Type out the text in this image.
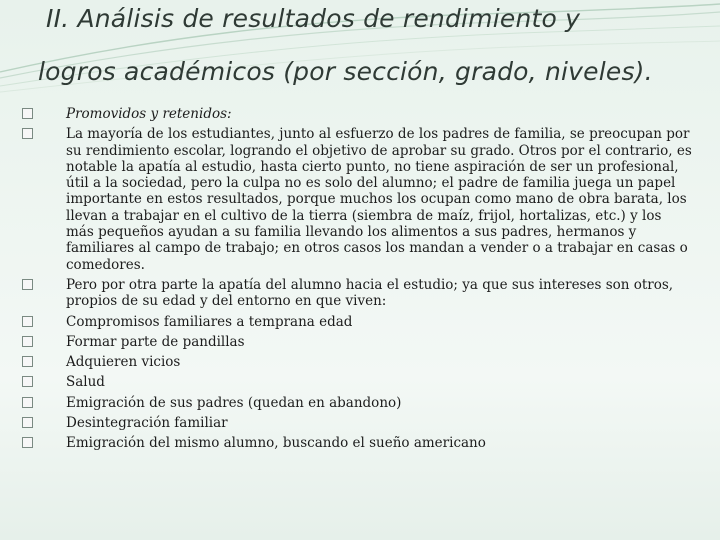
II. Análisis de resultados de rendimiento y
logros académicos (por sección, grado, niveles).
Promovidos y retenidos:
La mayoría de los estudiantes, junto al esfuerzo de los padres de familia, se preocupan por su rendimiento escolar, logrando el objetivo de aprobar su grado. Otros por el contrario, es notable la apatía al estudio, hasta cierto punto, no tiene aspiración de ser un profesional, útil a la sociedad, pero la culpa no es solo del alumno; el padre de familia juega un papel importante en estos resultados, porque muchos los ocupan como mano de obra barata, los llevan a trabajar en el cultivo de la tierra (siembra de maíz, frijol, hortalizas, etc.) y los más pequeños ayudan a su familia llevando los alimentos a sus padres, hermanos y familiares al campo de trabajo; en otros casos los mandan a vender o a trabajar en casas o comedores.
Pero por otra parte la apatía del alumno hacia el estudio; ya que sus intereses son otros, propios de su edad y del entorno en que viven:
Compromisos familiares a temprana edad
Formar parte de pandillas
Adquieren vicios
Salud
Emigración de sus padres (quedan en abandono)
Desintegración familiar
Emigración del mismo alumno, buscando el sueño americano
